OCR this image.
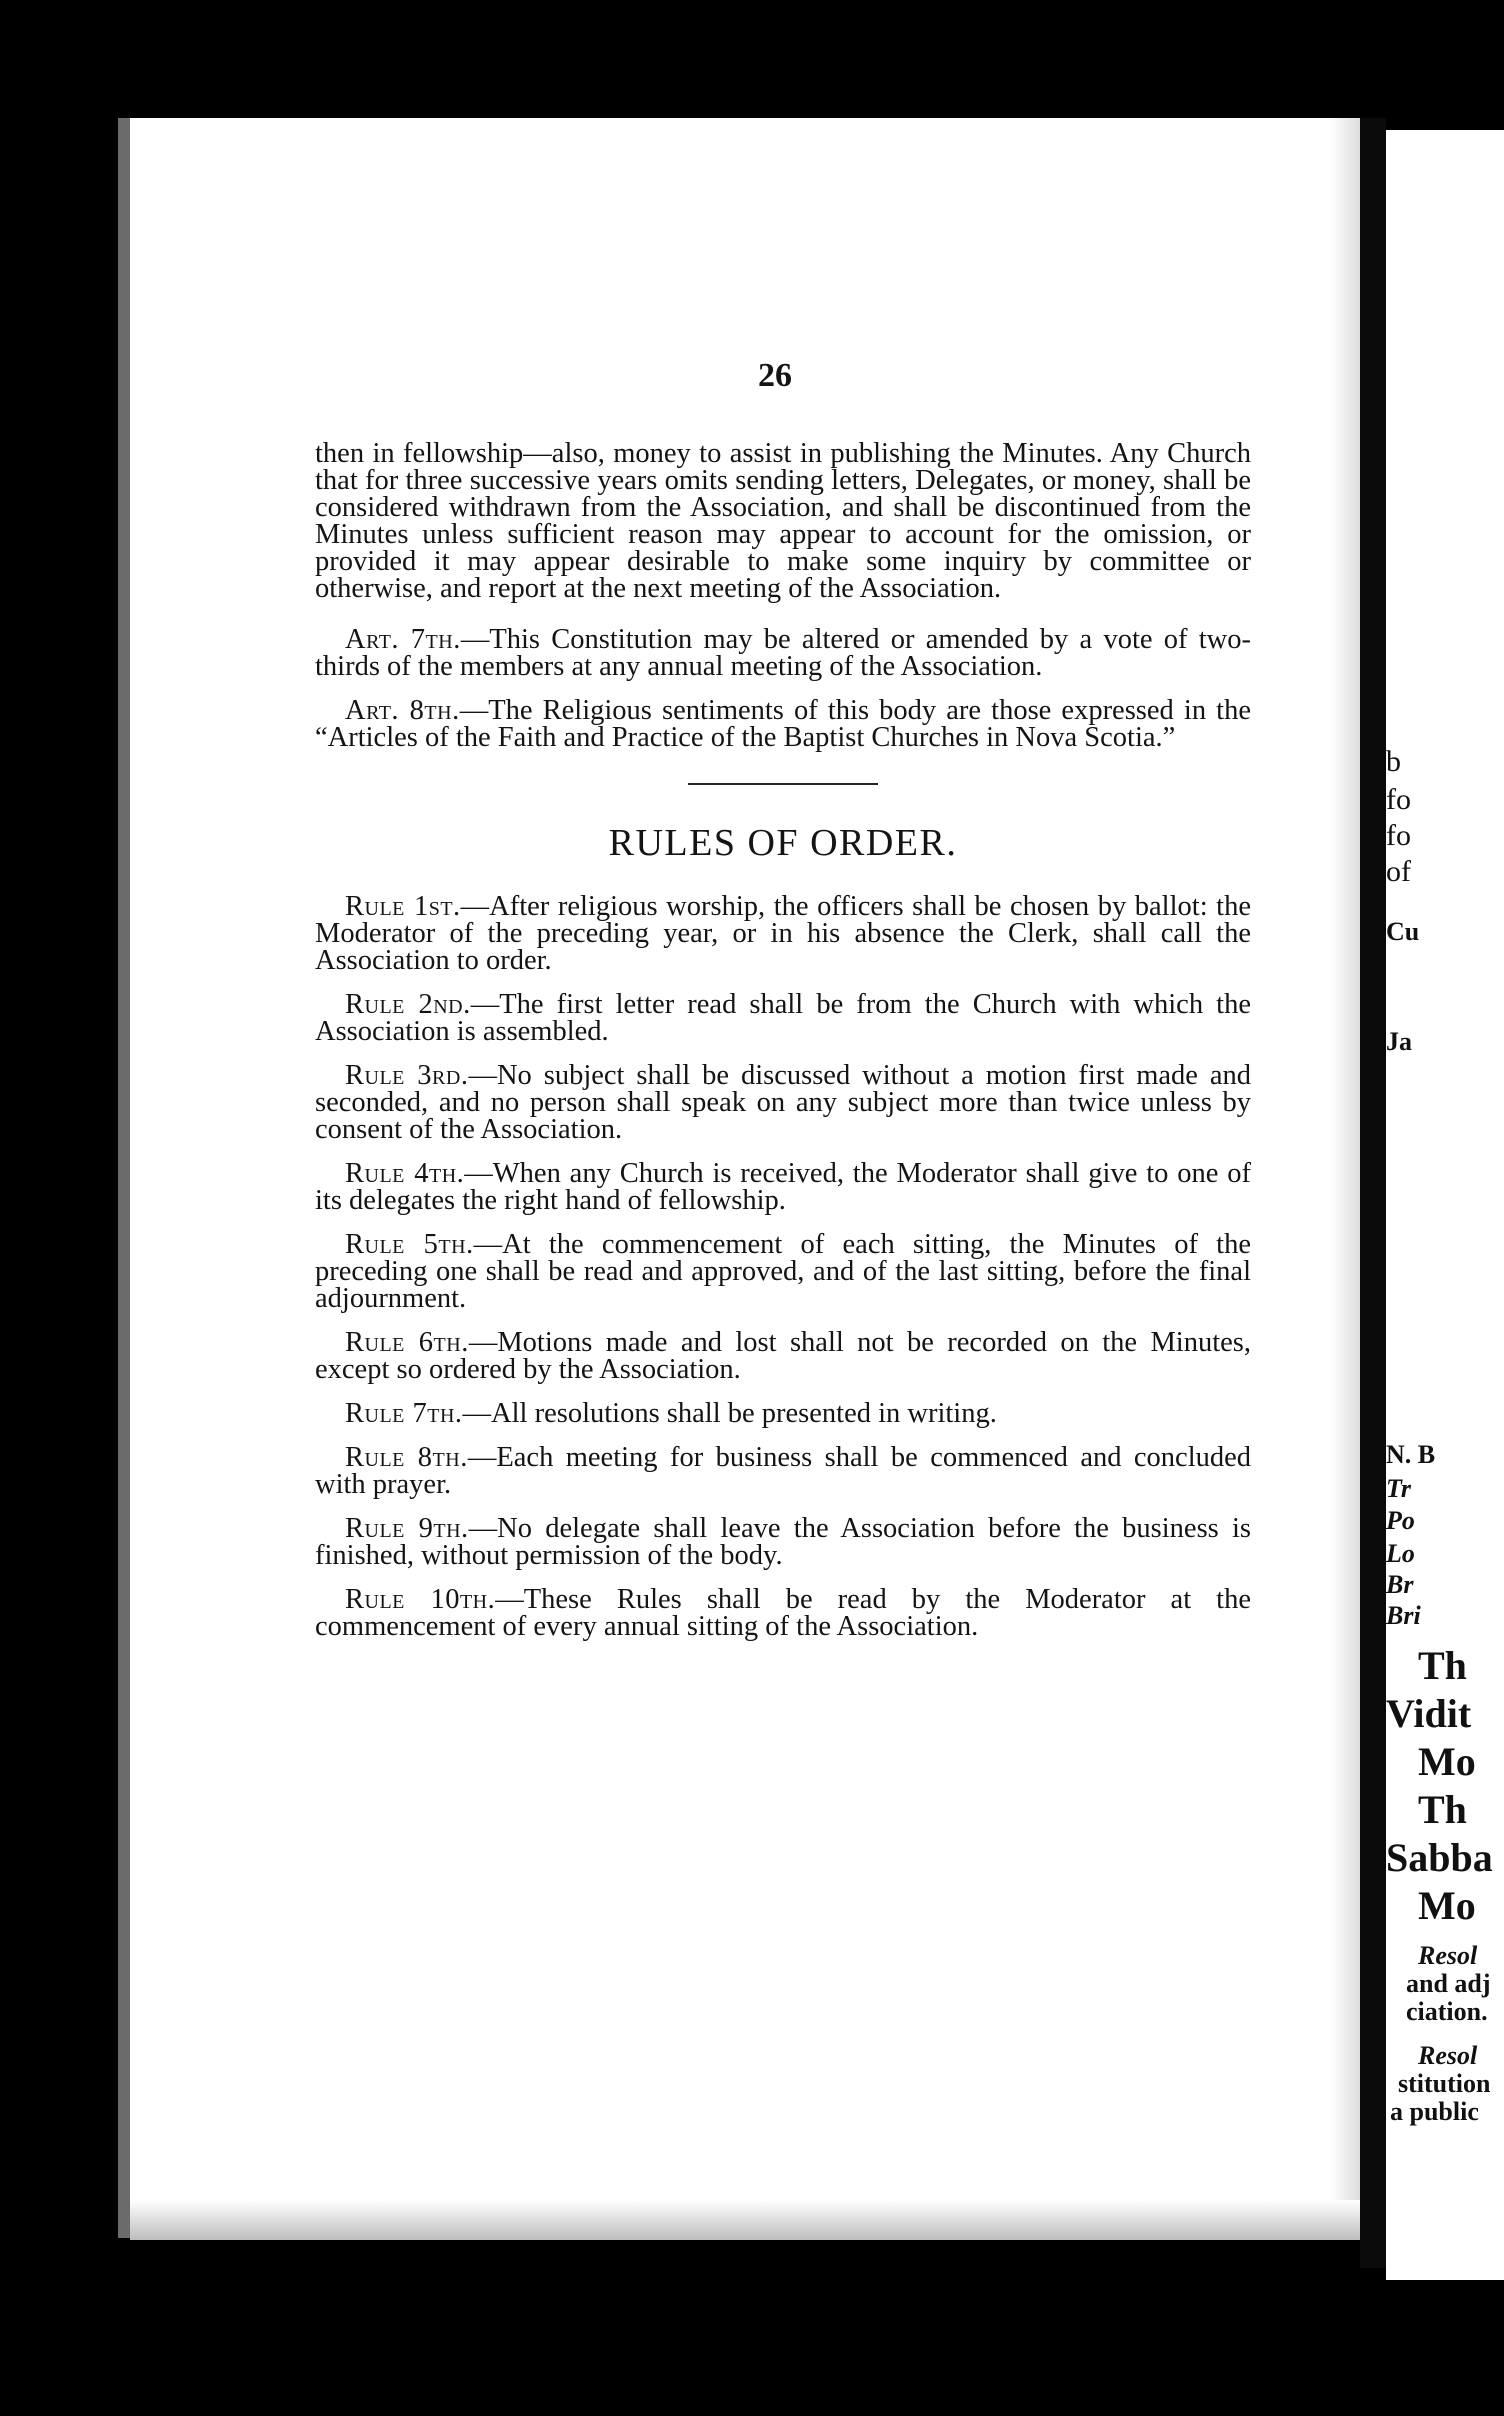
b
fo
fo
of
Cu
Ja
N. B
Tr
Po
Lo
Br
Bri
Th
Vidit
Mo
Th
Sabba
Mo
Resol
and adj
ciation.
Resol
stitution
a public
26

then in fellowship—also, money to assist in publishing the Minutes. Any Church that for three successive years omits sending letters, Delegates, or money, shall be considered withdrawn from the Association, and shall be discontinued from the Minutes unless sufficient reason may appear to account for the omission, or provided it may appear desirable to make some inquiry by committee or otherwise, and report at the next meeting of the Association.

Art. 7th.—This Constitution may be altered or amended by a vote of two-thirds of the members at any annual meeting of the Association.

Art. 8th.—The Religious sentiments of this body are those expressed in the “Articles of the Faith and Practice of the Baptist Churches in Nova Scotia.”

RULES OF ORDER.

Rule 1st.—After religious worship, the officers shall be chosen by ballot: the Moderator of the preceding year, or in his absence the Clerk, shall call the Association to order.

Rule 2nd.—The first letter read shall be from the Church with which the Association is assembled.

Rule 3rd.—No subject shall be discussed without a motion first made and seconded, and no person shall speak on any subject more than twice unless by consent of the Association.

Rule 4th.—When any Church is received, the Moderator shall give to one of its delegates the right hand of fellowship.

Rule 5th.—At the commencement of each sitting, the Minutes of the preceding one shall be read and approved, and of the last sitting, before the final adjournment.

Rule 6th.—Motions made and lost shall not be recorded on the Minutes, except so ordered by the Association.

Rule 7th.—All resolutions shall be presented in writing.

Rule 8th.—Each meeting for business shall be commenced and concluded with prayer.

Rule 9th.—No delegate shall leave the Association before the business is finished, without permission of the body.

Rule 10th.—These Rules shall be read by the Moderator at the commencement of every annual sitting of the Association.
